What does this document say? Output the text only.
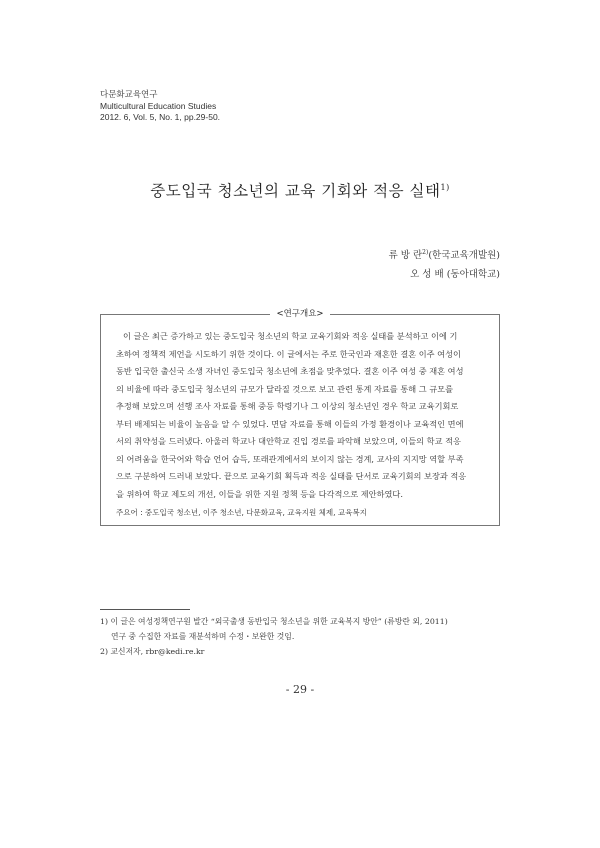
다문화교육연구
Multicultural Education Studies
2012. 6, Vol. 5, No. 1, pp.29-50.
중도입국 청소년의 교육 기회와 적응 실태$^{1)}$
류 방 란$^{2)}$(한국교육개발원)
오 성 배 (동아대학교)
<연구개요>
이 글은 최근 증가하고 있는 중도입국 청소년의 학교 교육기회와 적응 실태를 분석하고 이에 기
초하여 정책적 제언을 시도하기 위한 것이다. 이 글에서는 주로 한국인과 재혼한 결혼 이주 여성이
동반 입국한 출신국 소생 자녀인 중도입국 청소년에 초점을 맞추었다. 결혼 이주 여성 중 재혼 여성
의 비율에 따라 중도입국 청소년의 규모가 달라질 것으로 보고 관련 통계 자료를 통해 그 규모를
추정해 보았으며 선행 조사 자료를 통해 중등 학령기나 그 이상의 청소년인 경우 학교 교육기회로
부터 배제되는 비율이 높음을 알 수 있었다. 면담 자료를 통해 이들의 가정 환경이나 교육적인 면에
서의 취약성을 드러냈다. 아울러 학교나 대안학교 진입 경로를 파악해 보았으며, 이들의 학교 적응
의 어려움을 한국어와 학습 언어 습득, 또래관계에서의 보이지 않는 경계, 교사의 지지망 역할 부족
으로 구분하여 드러내 보았다. 끝으로 교육기회 획득과 적응 실태를 단서로 교육기회의 보장과 적응
을 위하여 학교 제도의 개선, 이들을 위한 지원 정책 등을 다각적으로 제안하였다.
주요어 : 중도입국 청소년, 이주 청소년, 다문화교육, 교육지원 체제, 교육복지
1) 이 글은 여성정책연구원 발간 “외국출생 동반입국 청소년을 위한 교육복지 방안” (류방란 외, 2011)
연구 중 수집한 자료를 재분석하며 수정・보완한 것임.
2) 교신저자, rbr@kedi.re.kr
- 29 -
